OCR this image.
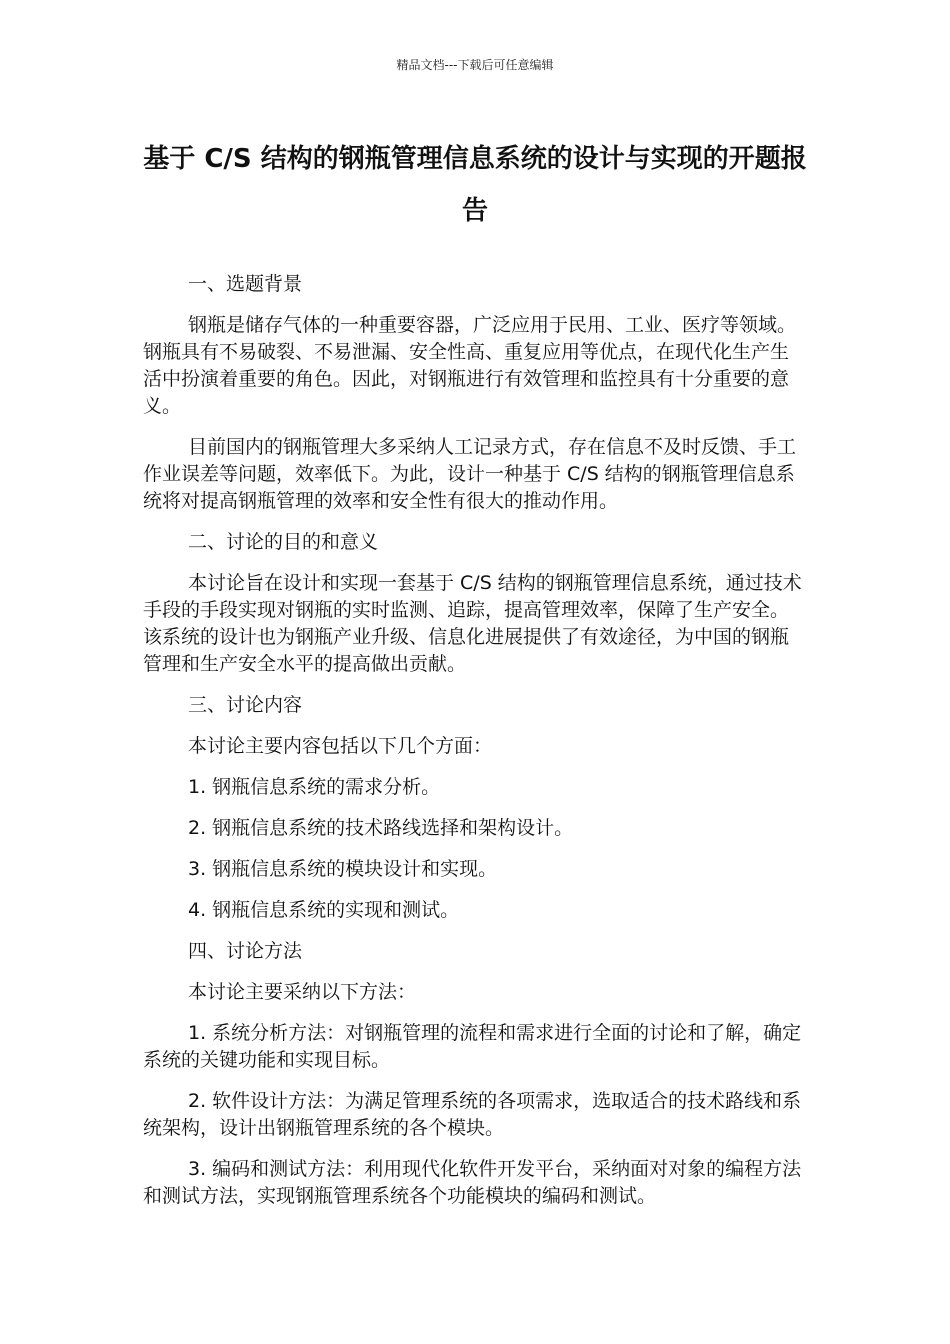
精品文档---下载后可任意编辑
基于 C/S 结构的钢瓶管理信息系统的设计与实现的开题报告

一、选题背景

钢瓶是储存气体的一种重要容器，广泛应用于民用、工业、医疗等领域。钢瓶具有不易破裂、不易泄漏、安全性高、重复应用等优点，在现代化生产生活中扮演着重要的角色。因此，对钢瓶进行有效管理和监控具有十分重要的意义。

目前国内的钢瓶管理大多采纳人工记录方式，存在信息不及时反馈、手工作业误差等问题，效率低下。为此，设计一种基于 C/S 结构的钢瓶管理信息系统将对提高钢瓶管理的效率和安全性有很大的推动作用。

二、讨论的目的和意义

本讨论旨在设计和实现一套基于 C/S 结构的钢瓶管理信息系统，通过技术手段的手段实现对钢瓶的实时监测、追踪，提高管理效率，保障了生产安全。该系统的设计也为钢瓶产业升级、信息化进展提供了有效途径，为中国的钢瓶管理和生产安全水平的提高做出贡献。

三、讨论内容

本讨论主要内容包括以下几个方面：

1. 钢瓶信息系统的需求分析。

2. 钢瓶信息系统的技术路线选择和架构设计。

3. 钢瓶信息系统的模块设计和实现。

4. 钢瓶信息系统的实现和测试。

四、讨论方法

本讨论主要采纳以下方法：

1. 系统分析方法：对钢瓶管理的流程和需求进行全面的讨论和了解，确定系统的关键功能和实现目标。

2. 软件设计方法：为满足管理系统的各项需求，选取适合的技术路线和系统架构，设计出钢瓶管理系统的各个模块。

3. 编码和测试方法：利用现代化软件开发平台，采纳面对对象的编程方法和测试方法，实现钢瓶管理系统各个功能模块的编码和测试。
